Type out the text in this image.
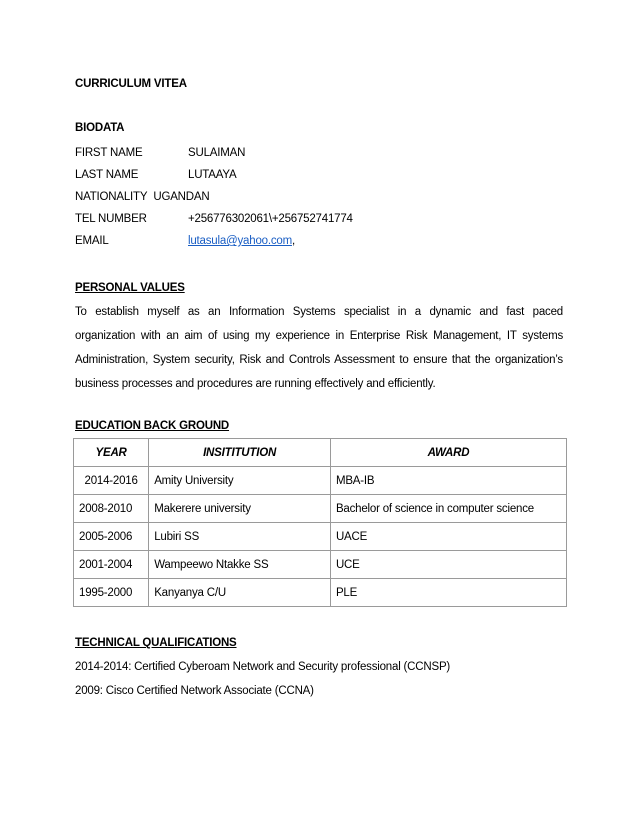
CURRICULUM VITEA
BIODATA
FIRST NAME	SULAIMAN
LAST NAME	LUTAAYA
NATIONALITY UGANDAN
TEL NUMBER	+256776302061\+256752741774
EMAIL	lutasula@yahoo.com,
PERSONAL VALUES
To establish myself as an Information Systems specialist in a dynamic and fast paced
organization with an aim of using my experience in Enterprise Risk Management, IT systems
Administration, System security, Risk and Controls Assessment to ensure that the organization’s
business processes and procedures are running effectively and efficiently.
EDUCATION BACK GROUND
YEAR	INSITITUTION	AWARD
2014-2016	Amity University	MBA-IB
2008-2010	Makerere university	Bachelor of science in computer science
2005-2006	Lubiri SS	UACE
2001-2004	Wampeewo Ntakke SS	UCE
1995-2000	Kanyanya C/U	PLE
TECHNICAL QUALIFICATIONS
2014-2014: Certified Cyberoam Network and Security professional (CCNSP)
2009: Cisco Certified Network Associate (CCNA)
